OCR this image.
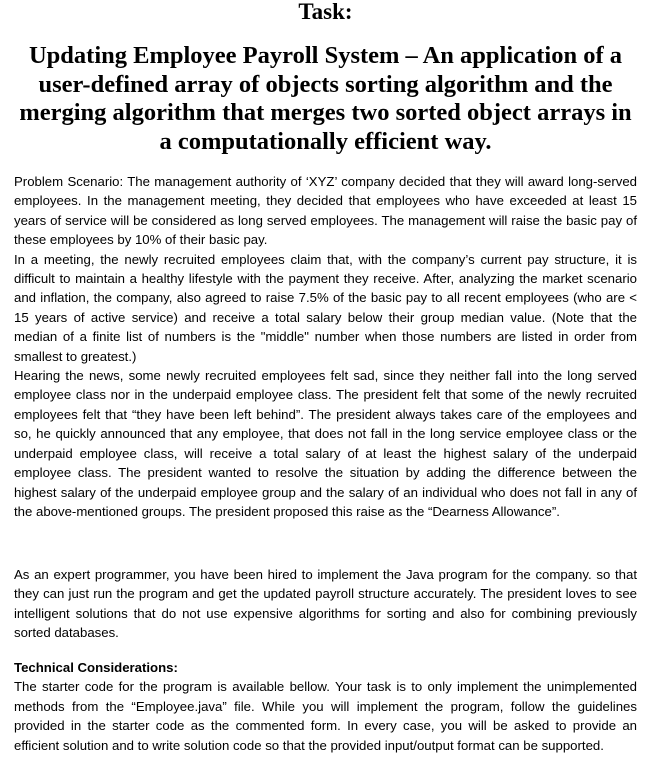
Task:
Updating Employee Payroll System – An application of a user-defined array of objects sorting algorithm and the merging algorithm that merges two sorted object arrays in a computationally efficient way.

Problem Scenario: The management authority of ‘XYZ’ company decided that they will award long-served employees. In the management meeting, they decided that employees who have exceeded at least 15 years of service will be considered as long served employees. The management will raise the basic pay of these employees by 10% of their basic pay.

In a meeting, the newly recruited employees claim that, with the company’s current pay structure, it is difficult to maintain a healthy lifestyle with the payment they receive. After, analyzing the market scenario and inflation, the company, also agreed to raise 7.5% of the basic pay to all recent employees (who are < 15 years of active service) and receive a total salary below their group median value. (Note that the median of a finite list of numbers is the "middle" number when those numbers are listed in order from smallest to greatest.)

Hearing the news, some newly recruited employees felt sad, since they neither fall into the long served employee class nor in the underpaid employee class. The president felt that some of the newly recruited employees felt that “they have been left behind”. The president always takes care of the employees and so, he quickly announced that any employee, that does not fall in the long service employee class or the underpaid employee class, will receive a total salary of at least the highest salary of the underpaid employee class. The president wanted to resolve the situation by adding the difference between the highest salary of the underpaid employee group and the salary of an individual who does not fall in any of the above-mentioned groups. The president proposed this raise as the “Dearness Allowance”.

As an expert programmer, you have been hired to implement the Java program for the company. so that they can just run the program and get the updated payroll structure accurately. The president loves to see intelligent solutions that do not use expensive algorithms for sorting and also for combining previously sorted databases.

Technical Considerations:

The starter code for the program is available bellow. Your task is to only implement the unimplemented methods from the “Employee.java” file. While you will implement the program, follow the guidelines provided in the starter code as the commented form. In every case, you will be asked to provide an efficient solution and to write solution code so that the provided input/output format can be supported.
